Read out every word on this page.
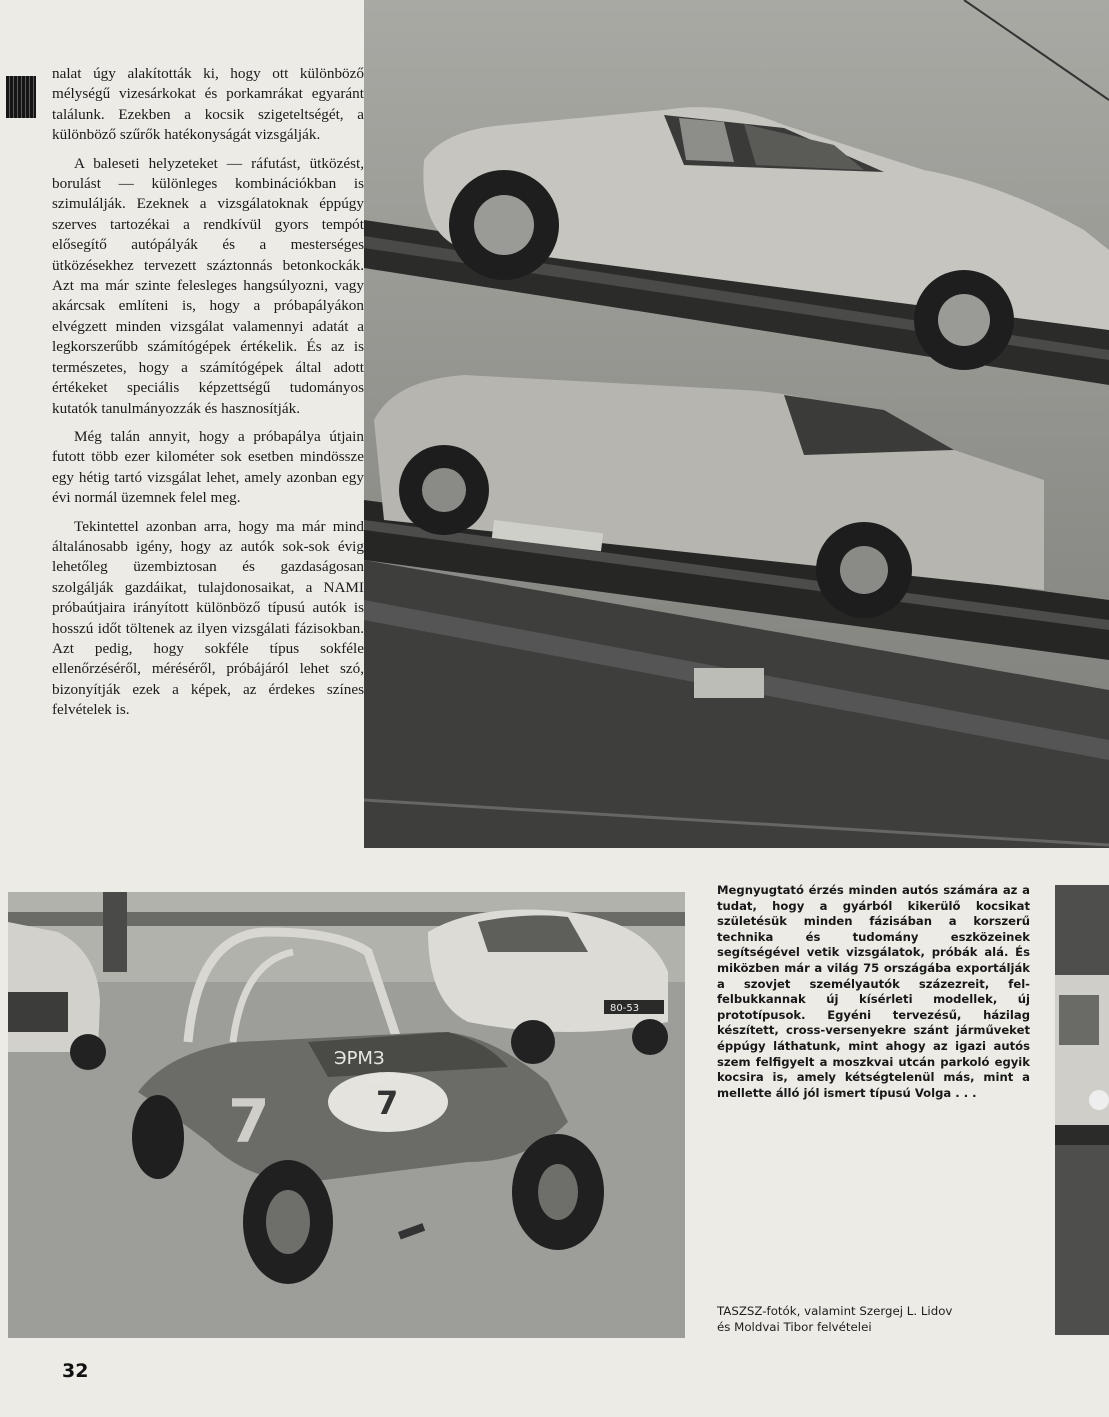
nalat úgy alakították ki, hogy ott különböző mélységű vizesárkokat és porkamrákat egyaránt találunk. Ezekben a kocsik szigeteltségét, a különböző szűrők hatékonyságát vizsgálják.

A baleseti helyzeteket — ráfutást, ütközést, borulást — különleges kombinációkban is szimulálják. Ezeknek a vizsgálatoknak éppúgy szerves tartozékai a rendkívül gyors tempót elősegítő autópályák és a mesterséges ütközésekhez tervezett száztonnás betonkockák. Azt ma már szinte felesleges hangsúlyozni, vagy akárcsak említeni is, hogy a próbapályákon elvégzett minden vizsgálat valamennyi adatát a legkorszerűbb számítógépek értékelik. És az is természetes, hogy a számítógépek által adott értékeket speciális képzettségű tudományos kutatók tanulmányozzák és hasznosítják.

Még talán annyit, hogy a próbapálya útjain futott több ezer kilométer sok esetben mindössze egy hétig tartó vizsgálat lehet, amely azonban egy évi normál üzemnek felel meg.

Tekintettel azonban arra, hogy ma már mind általánosabb igény, hogy az autók sok-sok évig lehetőleg üzembiztosan és gazdaságosan szolgálják gazdáikat, tulajdonosaikat, a NAMI próbaútjaira irányított különböző típusú autók is hosszú időt töltenek az ilyen vizsgálati fázisokban. Azt pedig, hogy sokféle típus sokféle ellenőrzéséről, méréséről, próbájáról lehet szó, bizonyítják ezek a képek, az érdekes színes felvételek is.

80-53
7
ЭРМЗ
БАГГИ
7
Megnyugtató érzés minden autós számára az a tudat, hogy a gyárból kikerülő kocsikat születésük minden fázisában a korszerű technika és tudomány eszközeinek segítségével vetik vizsgálatok, próbák alá. És miközben már a világ 75 országába exportálják a szovjet személyautók százezreit, fel-felbukkannak új kísérleti modellek, új prototípusok. Egyéni tervezésű, házilag készített, cross-versenyekre szánt járműveket éppúgy láthatunk, mint ahogy az igazi autós szem felfigyelt a moszkvai utcán parkoló egyik kocsira is, amely kétségtelenül más, mint a mellette álló jól ismert típusú Volga . . .
TASZSZ-fotók, valamint Szergej L. Lidov
és Moldvai Tibor felvételei
32
